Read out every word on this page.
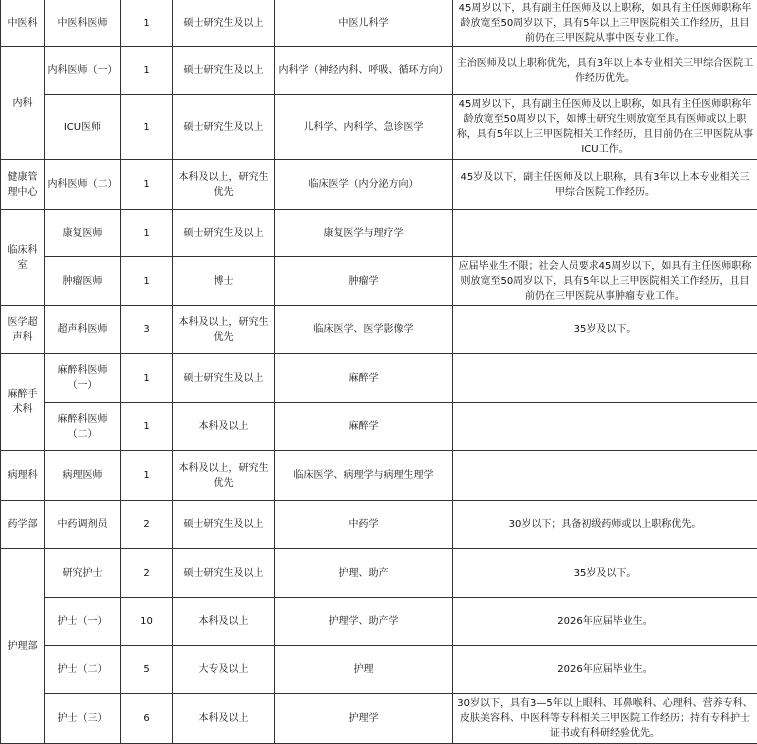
中医科	中医科医师	1	硕士研究生及以上	中医儿科学	45周岁以下，具有副主任医师及以上职称，如具有主任医师职称年龄放宽至50周岁以下，具有5年以上三甲医院相关工作经历，且目前仍在三甲医院从事中医专业工作。
内科	内科医师（一）	1	硕士研究生及以上	内科学（神经内科、呼吸、循环方向）	主治医师及以上职称优先，具有3年以上本专业相关三甲综合医院工作经历优先。
	ICU医师	1	硕士研究生及以上	儿科学、内科学、急诊医学	45周岁以下，具有副主任医师及以上职称，如具有主任医师职称年龄放宽至50周岁以下，如博士研究生则放宽至具有医师或以上职称，具有5年以上三甲医院相关工作经历，且目前仍在三甲医院从事ICU工作。
健康管理中心	内科医师（二）	1	本科及以上，研究生优先	临床医学（内分泌方向）	45岁及以下，副主任医师及以上职称，具有3年以上本专业相关三甲综合医院工作经历。
临床科室	康复医师	1	硕士研究生及以上	康复医学与理疗学	
	肿瘤医师	1	博士	肿瘤学	应届毕业生不限；社会人员要求45周岁以下，如具有主任医师职称则放宽至50周岁以下，具有5年以上三甲医院相关工作经历，且目前仍在三甲医院从事肿瘤专业工作。
医学超声科	超声科医师	3	本科及以上，研究生优先	临床医学、医学影像学	35岁及以下。
麻醉手术科	麻醉科医师（一）	1	硕士研究生及以上	麻醉学	
	麻醉科医师（二）	1	本科及以上	麻醉学	
病理科	病理医师	1	本科及以上，研究生优先	临床医学、病理学与病理生理学	
药学部	中药调剂员	2	硕士研究生及以上	中药学	30岁以下；具备初级药师或以上职称优先。
护理部	研究护士	2	硕士研究生及以上	护理、助产	35岁及以下。
	护士（一）	10	本科及以上	护理学、助产学	2026年应届毕业生。
	护士（二）	5	大专及以上	护理	2026年应届毕业生。
	护士（三）	6	本科及以上	护理学	30岁以下，具有3—5年以上眼科、耳鼻喉科、心理科、营养专科、皮肤美容科、中医科等专科相关三甲医院工作经历；持有专科护士证书或有科研经验优先。
